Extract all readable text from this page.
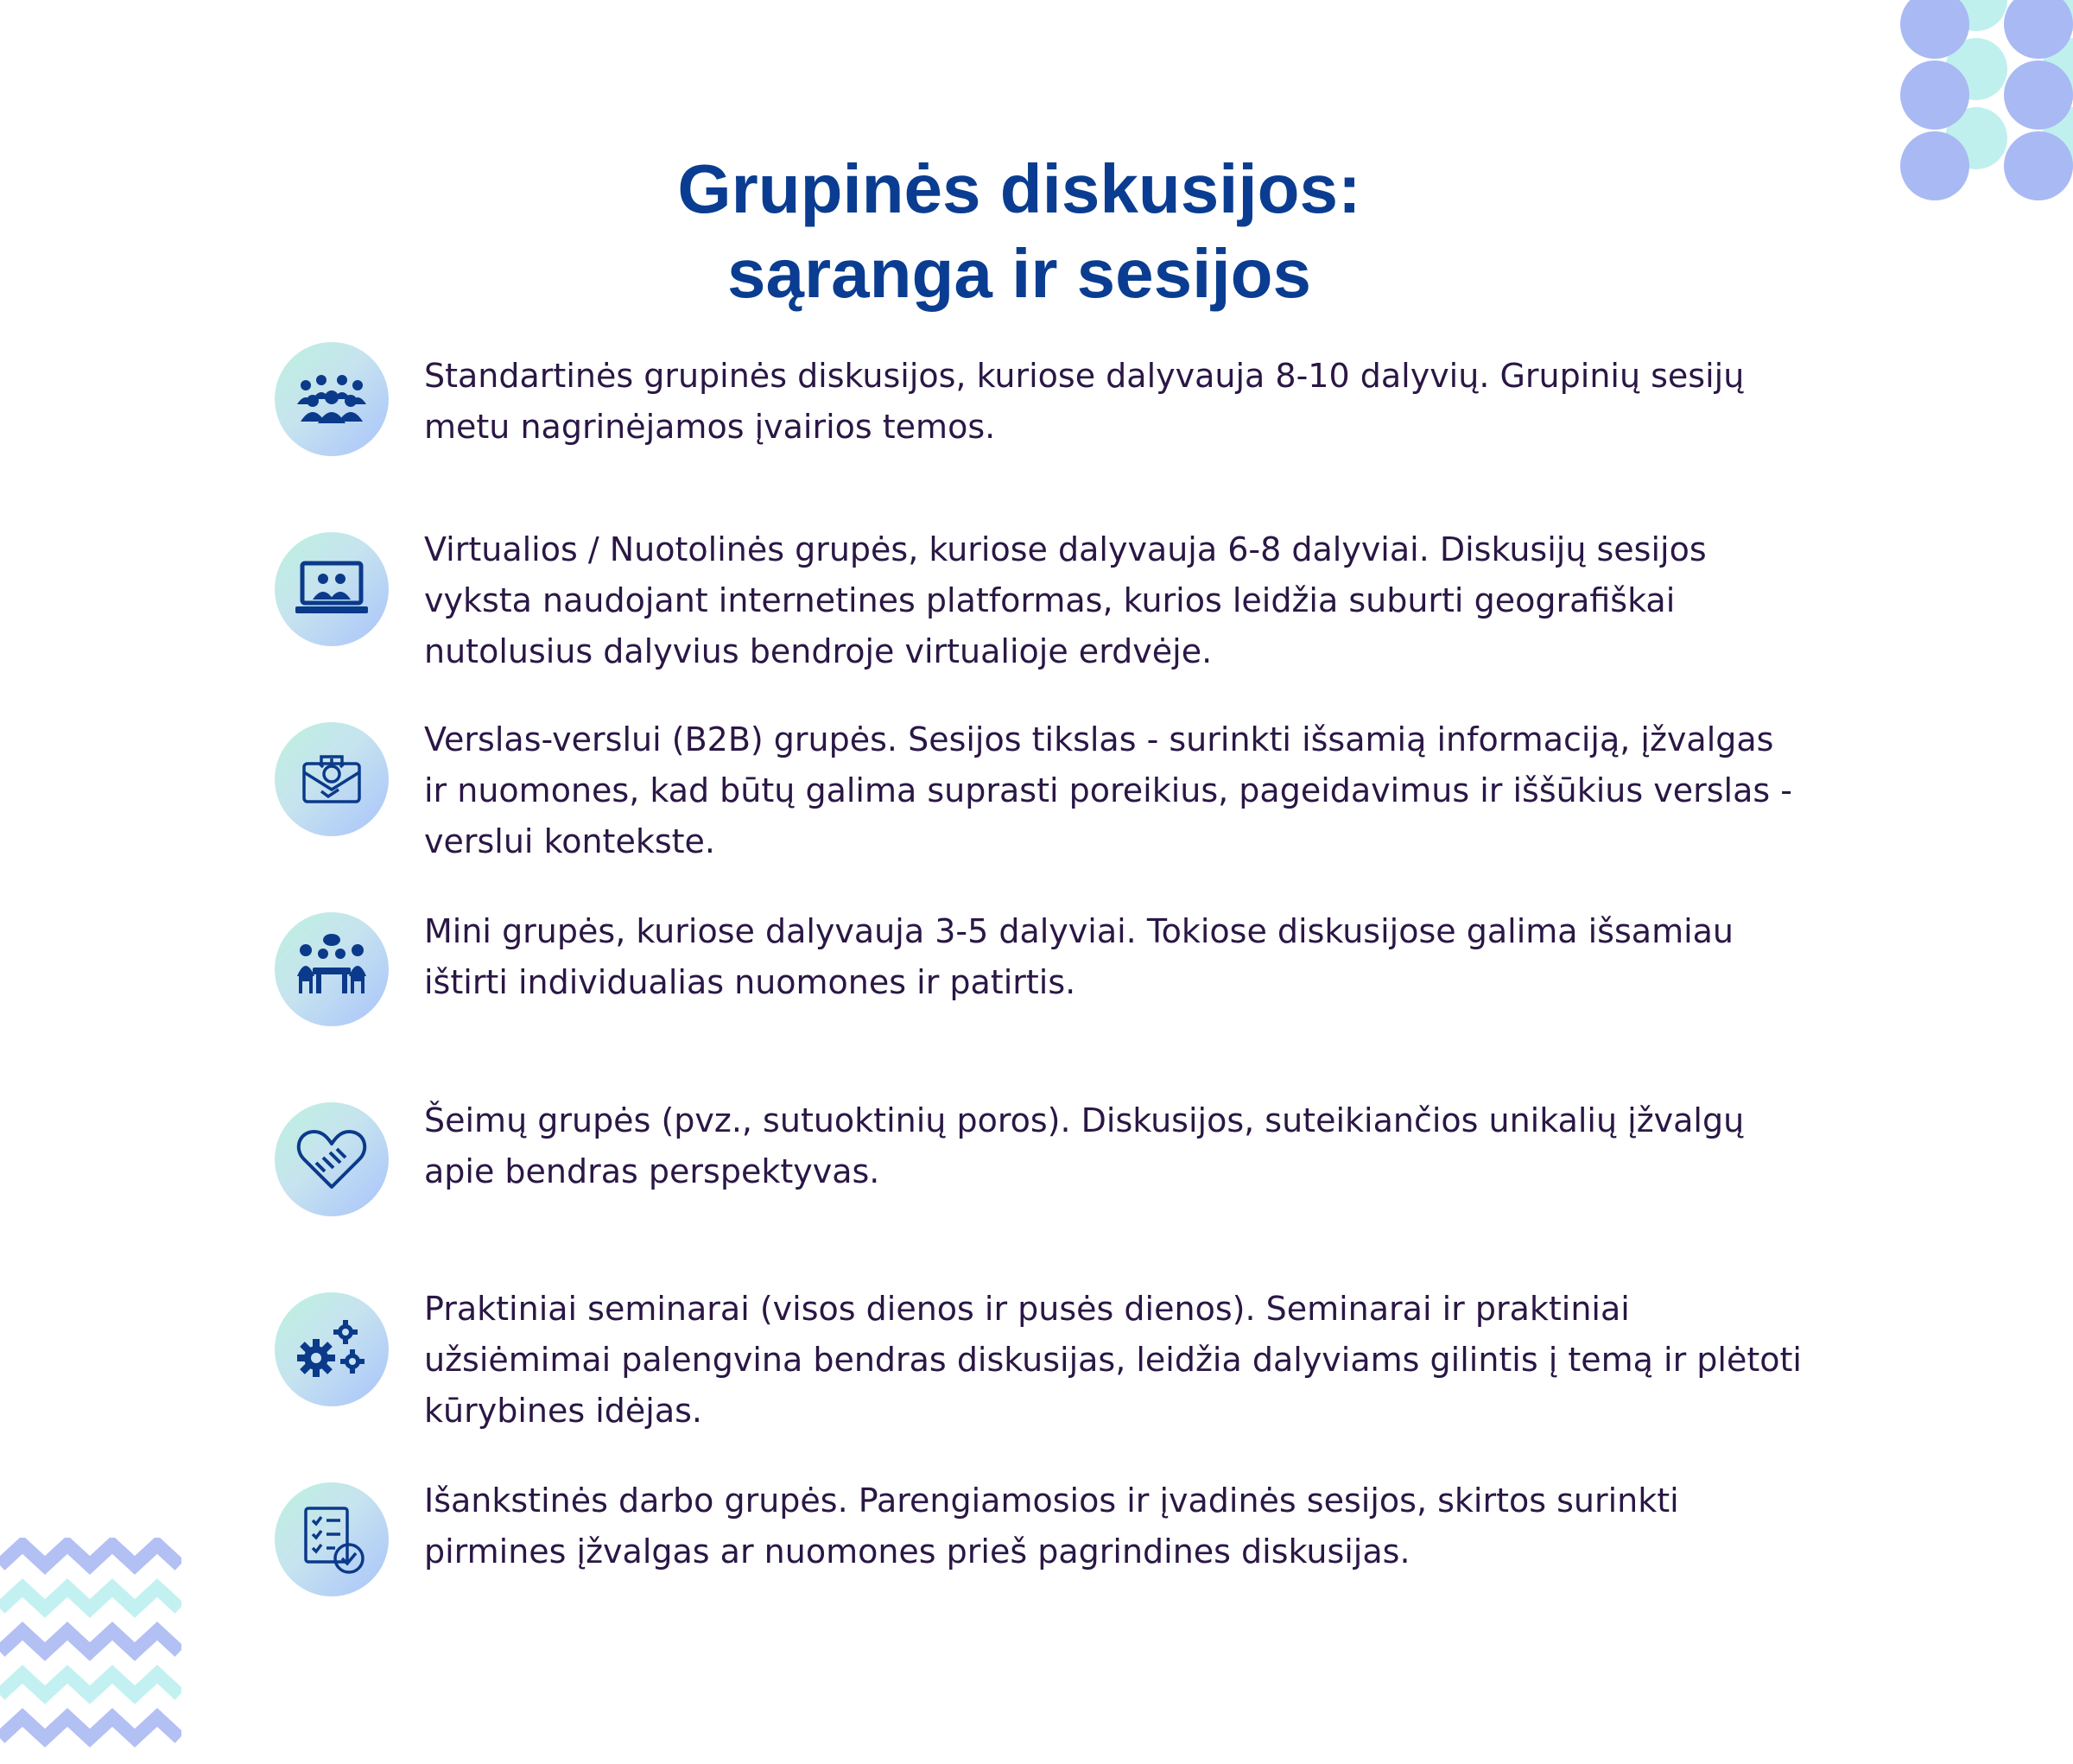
Grupinės diskusijos:
sąranga ir sesijos

Standartinės grupinės diskusijos, kuriose dalyvauja 8-10 dalyvių. Grupinių sesijų metu nagrinėjamos įvairios temos.

Virtualios / Nuotolinės grupės, kuriose dalyvauja 6-8 dalyviai. Diskusijų sesijos vyksta naudojant internetines platformas, kurios leidžia suburti geografiškai nutolusius dalyvius bendroje virtualioje erdvėje.

Verslas-verslui (B2B) grupės. Sesijos tikslas - surinkti išsamią informaciją, įžvalgas ir nuomones, kad būtų galima suprasti poreikius, pageidavimus ir iššūkius verslas - verslui kontekste.

Mini grupės, kuriose dalyvauja 3-5 dalyviai. Tokiose diskusijose galima išsamiau ištirti individualias nuomones ir patirtis.

Šeimų grupės (pvz., sutuoktinių poros). Diskusijos, suteikiančios unikalių įžvalgų apie bendras perspektyvas.

Praktiniai seminarai (visos dienos ir pusės dienos). Seminarai ir praktiniai užsiėmimai palengvina bendras diskusijas, leidžia dalyviams gilintis į temą ir plėtoti kūrybines idėjas.

Išankstinės darbo grupės. Parengiamosios ir įvadinės sesijos, skirtos surinkti pirmines įžvalgas ar nuomones prieš pagrindines diskusijas.
